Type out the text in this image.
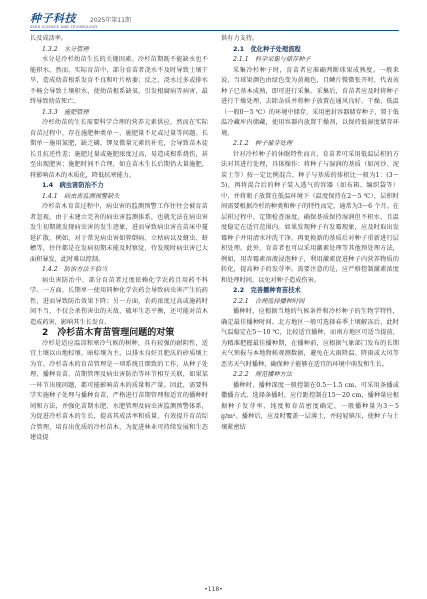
种子科技
SEED SCIENCE AND TECHNOLOGY
2025年第11期

长及成活率。

1.3.2　水分管理

水分是冷杉幼苗生长的关键因素。冷杉苗期既不能缺水也不能积水。然而，实际育苗中，部分育苗者浇水不及时导致土壤干旱，造成幼苗根系发育不良和叶片枯萎；反之，浇水过多或排水不畅会导致土壤积水，使幼苗根系缺氧，引发根腐病等病害，最终导致幼苗死亡。

1.3.3　施肥管理

冷杉幼苗的生长需要科学合理的营养元素供应，然而在实际育苗过程中，存在施肥种类单一、施肥量不足或过量等问题。长期单一施用氮肥，缺乏磷、钾及微量元素的补充，会导致苗木徒长且抗逆性差；施肥过量或施肥浓度过高，易造成根系烧伤，甚至出现肥害；施肥时间不合理，如在苗木生长后期仍大量施肥，将影响苗木的木质化，降低抗寒能力。

1.4　病虫害防治不力

1.4.1　病虫害监测预警缺失

冷杉苗木育苗过程中，病虫害的监测预警工作往往会被育苗者忽视，由于未建立完善的病虫害监测体系，也就无法在病虫害发生初期就发现病虫害的发生迹象，进而导致病虫害在苗床中蔓延扩散。例如，对于常见病虫害如猝倒病、立枯病以及蚜虫、蛴螬等，往往都是在发病初期未能及时察觉，待发现时病虫害已大面积暴发，此时难以控制。

1.4.2　防治方法不恰当

病虫害防治中，部分育苗者过度依赖化学农药且用药不科学。一方面，长期单一使用同种化学农药会导致病虫害产生抗药性，进而导致防治效果下降；另一方面，农药浓度过高或施药时间不当，不仅会杀伤害虫的天敌，破坏生态平衡，还可能对苗木造成药害，影响其生长发育。

2　冷杉苗木育苗管理问题的对策

冷杉是适应温凉和寒冷气候的树种，具有较强的耐阴性，适宜土壤以山地棕壤、暗棕壤为主，以排水良好且肥沃的砂质壤土为宜。冷杉苗木的育苗管理是一项系统且细致的工作，从种子处理、播种育苗、苗期管理及病虫害防治等环节相互关联，如果某一环节出现问题，都可能影响苗木的质量和产量。因此，需要科学实施种子处理与播种育苗，严格进行苗期管理和适宜的播种时间和方法，并强化苗期水肥、水肥管理及病虫害监测预警体系，为促进冷杉苗木的生长，提高其成活率和质量，有效提升育苗综合管理，培育出优质的冷杉苗木，为促进林业可持续发展和生态建设提

供有力支持。

2.1　优化种子处理流程

2.1.1　科学采集与储存种子

采集冷杉种子时，育苗者应准确判断球果成熟度。一般来说，当球果颜色由绿色变为黄褐色，且鳞片微微张开时，代表该种子已基本成熟，即可进行采集。采集后，育苗者应及时将种子进行干燥处理，去除杂质并将种子放置在通风良好、干燥、低温（一般0～5 ℃）的环境中储存，采用密封容器储存种子，置于低温冷藏库内储藏，使用容器内放置干燥剂，以保持低湿度储存环境。

2.1.2　种子催芽处理

针对冷杉种子的休眠特性而言，育苗者可采用低温层积的方法对其进行处理，具体操作：将种子与湿润的基质（如河沙、泥炭土等）按一定比例混合，种子与基质的体积比一般为1：(3～5)，再将混合后的种子装入透气的容器（如布箱、编织袋等）中，并将瓶子放置在低温环境下（温度保持在2～5 ℃），层积时间需要根据冷杉的种类和种子的特性而定，通常为3～6 个月。在层积过程中，定期检查湿度，确保基质保持湿润但不积水，且温度稳定在适宜范围内。如果发现种子有发霉现象，应及时取出发霉种子并用清水冲洗干净，再更换新的基质后对种子重新进行层积处理。此外，育苗者也可以采用激素处理等其他预处理方法，例如，用赤霉素溶液浸泡种子，利用激素促进种子内营养物质的转化，提高种子的发芽率。需要注意的是，应严格控制激素浓度和处理时间，以免对种子造成伤害。

2.2　完善播种育苗技术

2.2.1　合理选择播种时间

播种时，应根据当地的气候条件和冷杉种子的生物学特性，确定最佳播种时间。北方地区一般可选择春季土壤解冻后，此时气温稳定在5～10 ℃，比较适宜播种，而南方地区可适当提前，为精准把握最佳播种期，在播种前，应根据气象部门发布的长期天气预报与本地物候观测数据，避免在大雨降温、降雨或大风等恶劣天气时播种，确保种子能够在适宜的环境中萌发和生长。

2.2.2　规范播种方法

播种时，播种深度一般控制在0.5～1.5 cm，可采用条播或撒播方式。选择条播时，应行距控制在15～20 cm，播种量应根据种子发芽率、纯度和育苗密度确定，一般播种量为3～5 g/m²。播种后，应及时覆盖一层薄土，并轻轻镇压，使种子与土壤紧密结

•118•
